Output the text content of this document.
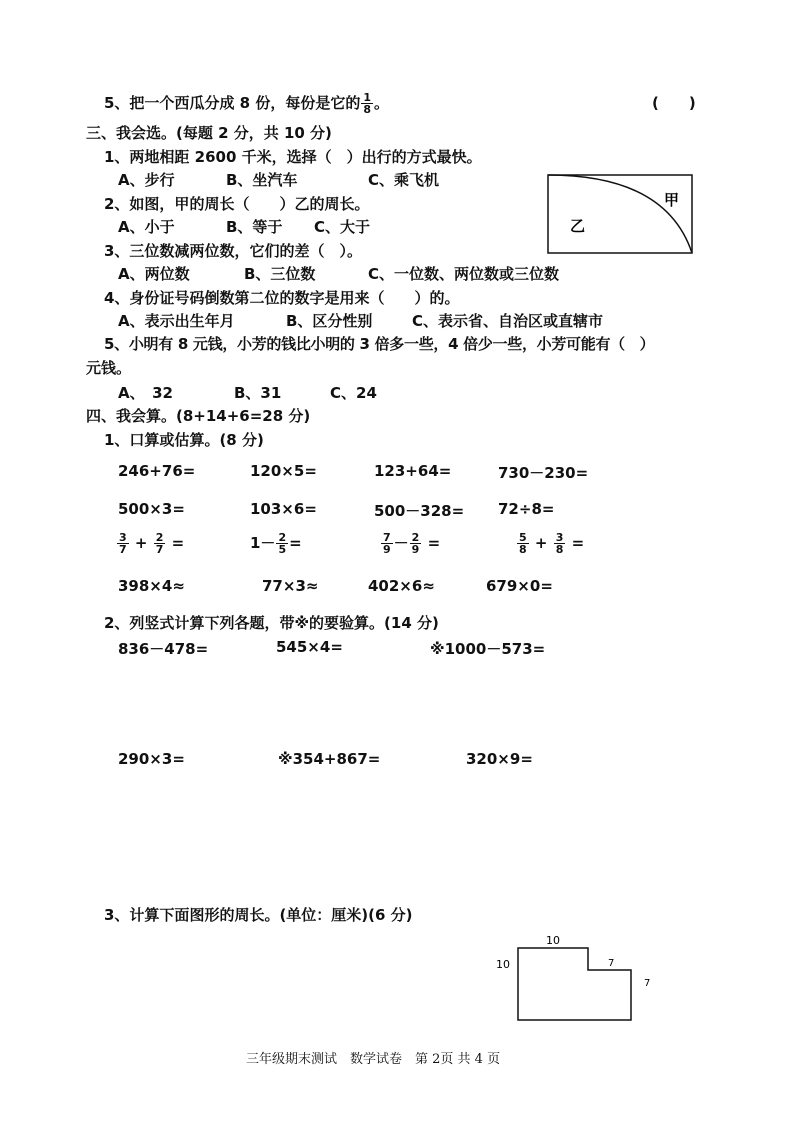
5、把一个西瓜分成 8 份，每份是它的 $\frac{1}{8}$ 。	(　　)
三、我会选。(每题 2 分，共 10 分)
1、两地相距 2600 千米，选择（　）出行的方式最快。
A、步行	B、坐汽车	C、乘飞机
2、如图，甲的周长（　　）乙的周长。
A、小于	B、等于 C、大于
甲
乙
3、三位数减两位数，它们的差（　）。
A、两位数	B、三位数	C、一位数、两位数或三位数
4、身份证号码倒数第二位的数字是用来（　　）的。
A、表示出生年月	B、区分性别	C、表示省、自治区或直辖市
5、小明有 8 元钱，小芳的钱比小明的 3 倍多一些，4 倍少一些，小芳可能有（　）
元钱。
A、　32	B、31	C、24
四、我会算。(8+14+6=28 分)
1、口算或估算。(8 分)
246+76=	120×5=	123+64=	730－230=
500×3=	103×6=	500－328= 72÷8=
$\frac{3}{7} + \frac{2}{7}$ =	$1- \frac{2}{5}$ =	$\frac{7}{9} - \frac{2}{9}$ =	$\frac{5}{8} + \frac{3}{8}$ =
398×4≈	77×3≈	402×6≈	679×0=
2、列竖式计算下列各题，带※的要验算。(14 分)
836－478=	545×4=	※1000－573=
290×3=	※354+867=	320×9=
3、计算下面图形的周长。(单位：厘米)(6 分)
10
10	7
7
三年级期末测试　数学试卷　第 2页 共 4 页
